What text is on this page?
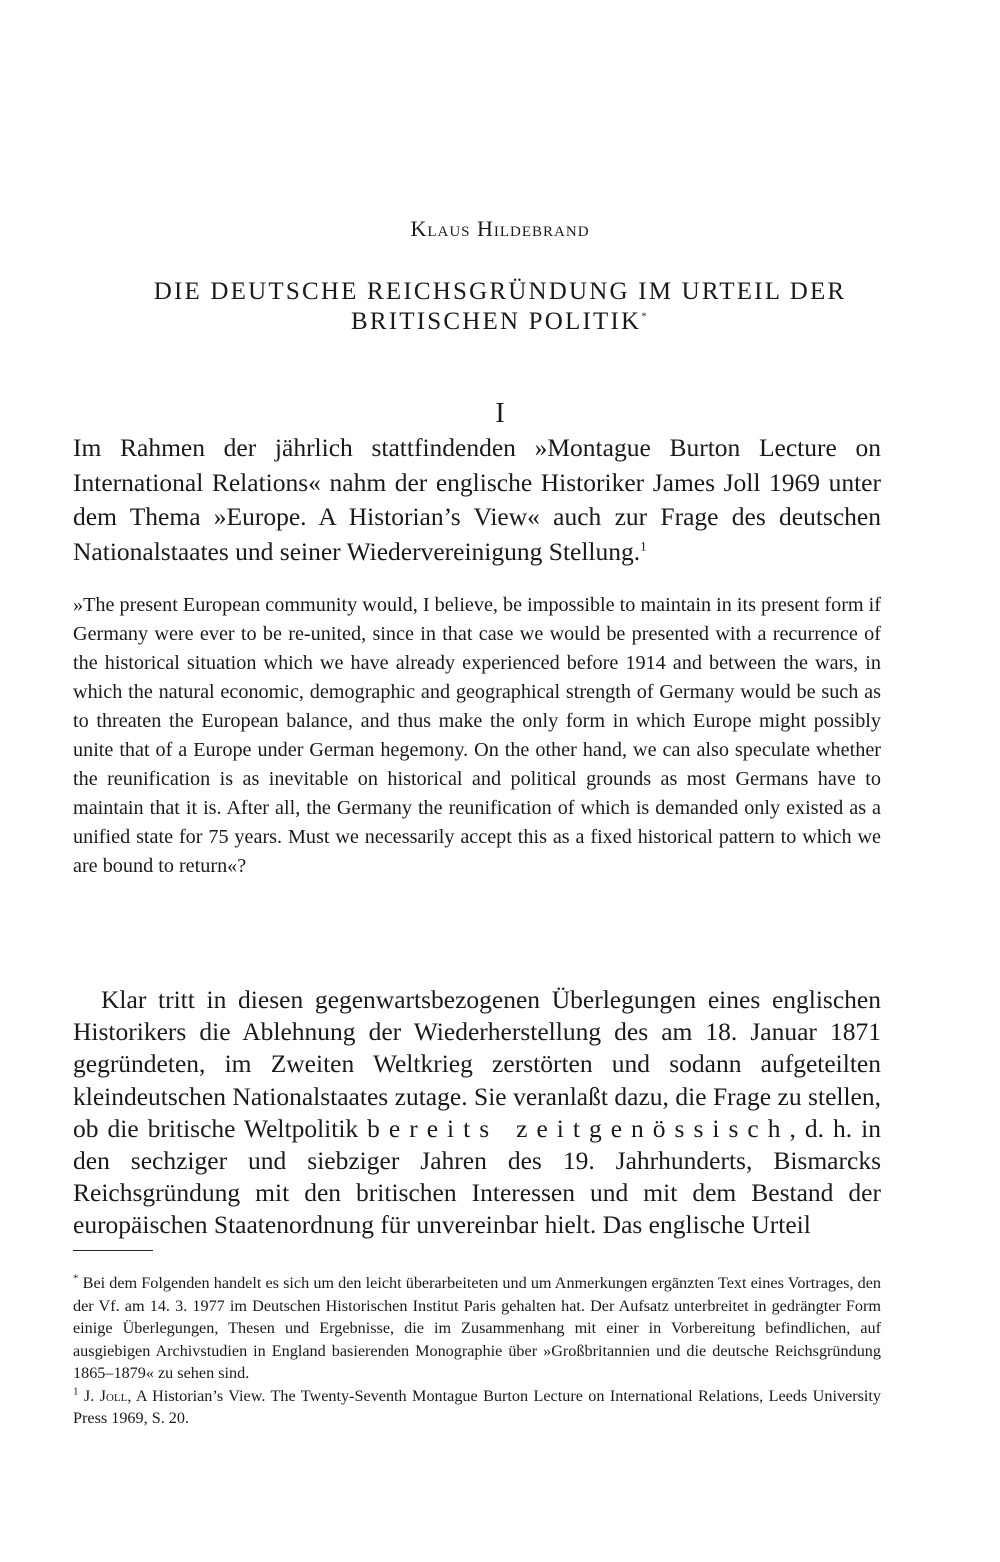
Klaus Hildebrand
DIE DEUTSCHE REICHSGRÜNDUNG IM URTEIL DER
BRITISCHEN POLITIK*
I

Im Rahmen der jährlich stattfindenden »Montague Burton Lecture on International Relations« nahm der englische Historiker James Joll 1969 unter dem Thema »Europe. A Historian’s View« auch zur Frage des deutschen Nationalstaates und seiner Wiedervereinigung Stellung.$^1$

»The present European community would, I believe, be impossible to maintain in its present form if Germany were ever to be re-united, since in that case we would be presented with a recurrence of the historical situation which we have already experienced before 1914 and between the wars, in which the natural economic, demographic and geographical strength of Germany would be such as to threaten the European balance, and thus make the only form in which Europe might possibly unite that of a Europe under German hegemony. On the other hand, we can also speculate whether the reunification is as inevitable on historical and political grounds as most Germans have to maintain that it is. After all, the Germany the reunification of which is demanded only existed as a unified state for 75 years. Must we necessarily accept this as a fixed historical pattern to which we are bound to return«?

Klar tritt in diesen gegenwartsbezogenen Überlegungen eines englischen Historikers die Ablehnung der Wiederherstellung des am 18. Januar 1871 gegründeten, im Zweiten Weltkrieg zerstörten und sodann aufgeteilten kleindeutschen Nationalstaates zutage. Sie veranlaßt dazu, die Frage zu stellen, ob die britische Weltpolitik bereits zeitgenössisch, d. h. in den sechziger und siebziger Jahren des 19. Jahrhunderts, Bismarcks Reichsgründung mit den britischen Interessen und mit dem Bestand der europäischen Staatenordnung für unvereinbar hielt. Das englische Urteil

* Bei dem Folgenden handelt es sich um den leicht überarbeiteten und um Anmerkungen ergänzten Text eines Vortrages, den der Vf. am 14. 3. 1977 im Deutschen Historischen Institut Paris gehalten hat. Der Aufsatz unterbreitet in gedrängter Form einige Überlegungen, Thesen und Ergebnisse, die im Zusammenhang mit einer in Vorbereitung befindlichen, auf ausgiebigen Archivstudien in England basierenden Monographie über »Großbritannien und die deutsche Reichsgründung 1865–1879« zu sehen sind.

$^1$ J. Joll, A Historian’s View. The Twenty-Seventh Montague Burton Lecture on International Relations, Leeds University Press 1969, S. 20.
